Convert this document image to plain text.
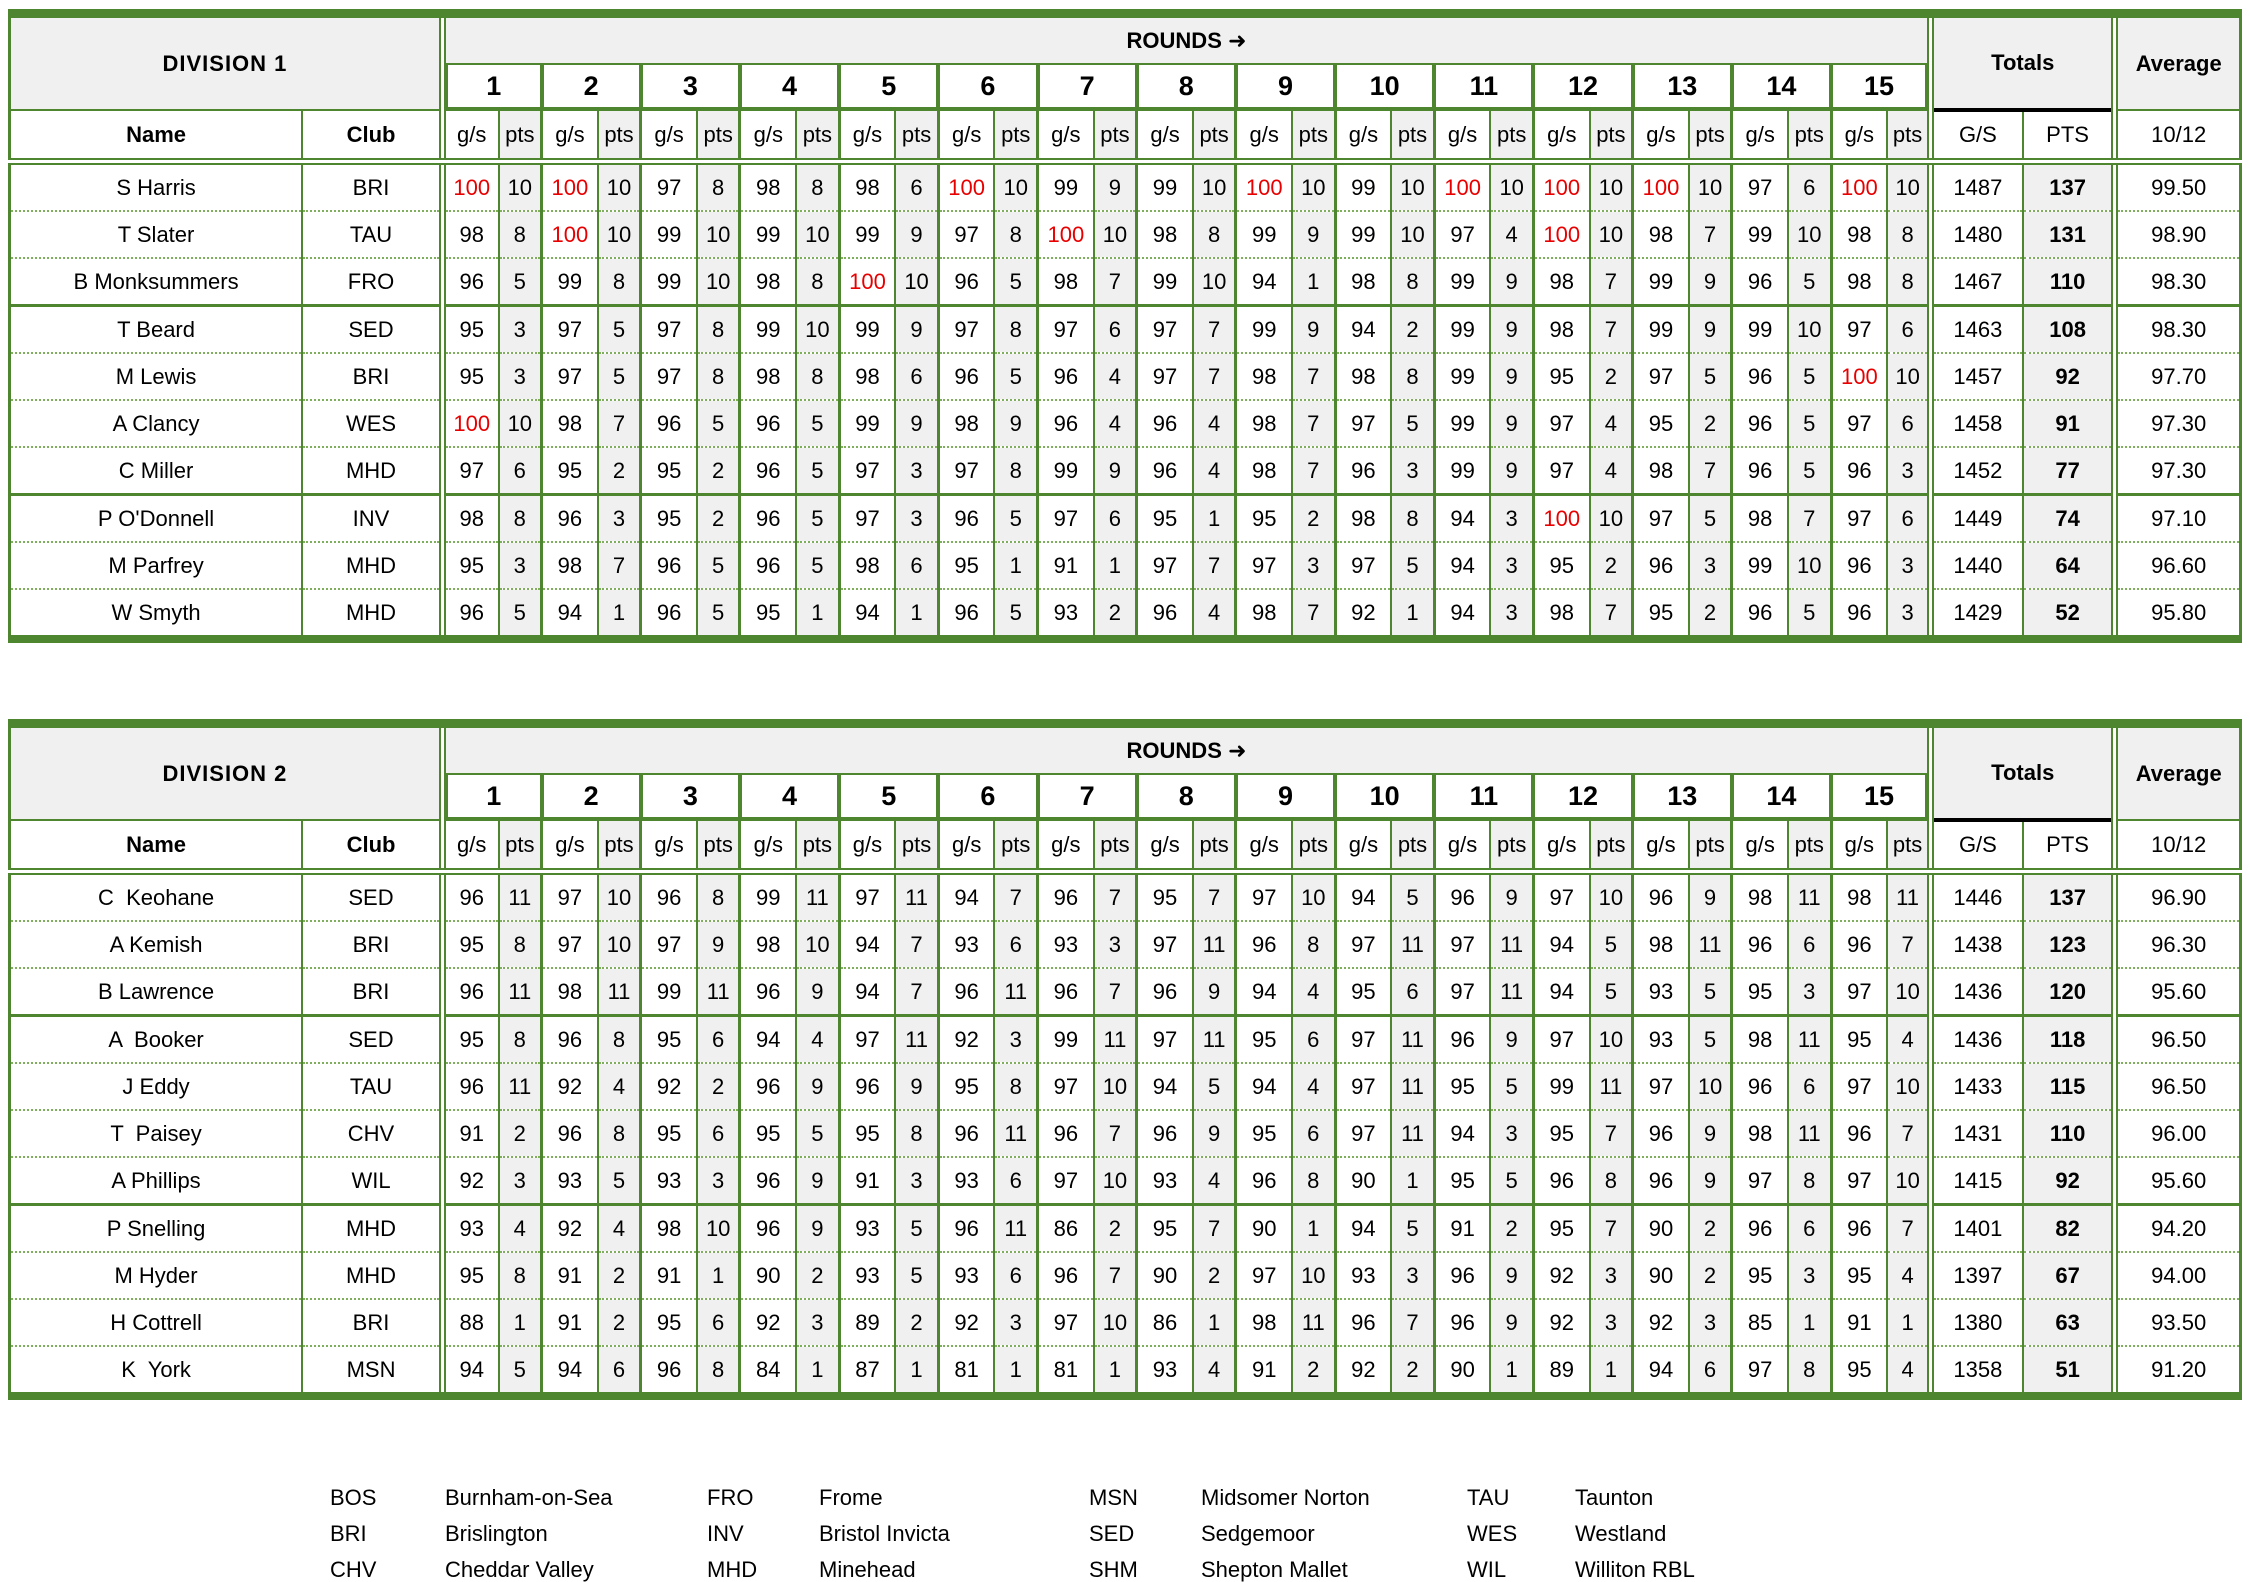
DIVISION 1		ROUNDS ➜																														Totals		Average

		1		2		3		4		5		6		7		8		9		10		11		12		13		14		15				

Name	Club	g/s	pts	g/s	pts	g/s	pts	g/s	pts	g/s	pts	g/s	pts	g/s	pts	g/s	pts	g/s	pts	g/s	pts	g/s	pts	g/s	pts	g/s	pts	g/s	pts	g/s	pts	G/S	PTS	10/12
S Harris	BRI	100	10	100	10	97	8	98	8	98	6	100	10	99	9	99	10	100	10	99	10	100	10	100	10	100	10	97	6	100	10	1487	137	99.50
T Slater	TAU	98	8	100	10	99	10	99	10	99	9	97	8	100	10	98	8	99	9	99	10	97	4	100	10	98	7	99	10	98	8	1480	131	98.90
B Monksummers	FRO	96	5	99	8	99	10	98	8	100	10	96	5	98	7	99	10	94	1	98	8	99	9	98	7	99	9	96	5	98	8	1467	110	98.30
T Beard	SED	95	3	97	5	97	8	99	10	99	9	97	8	97	6	97	7	99	9	94	2	99	9	98	7	99	9	99	10	97	6	1463	108	98.30
M Lewis	BRI	95	3	97	5	97	8	98	8	98	6	96	5	96	4	97	7	98	7	98	8	99	9	95	2	97	5	96	5	100	10	1457	92	97.70
A Clancy	WES	100	10	98	7	96	5	96	5	99	9	98	9	96	4	96	4	98	7	97	5	99	9	97	4	95	2	96	5	97	6	1458	91	97.30
C Miller	MHD	97	6	95	2	95	2	96	5	97	3	97	8	99	9	96	4	98	7	96	3	99	9	97	4	98	7	96	5	96	3	1452	77	97.30
P O'Donnell	INV	98	8	96	3	95	2	96	5	97	3	96	5	97	6	95	1	95	2	98	8	94	3	100	10	97	5	98	7	97	6	1449	74	97.10
M Parfrey	MHD	95	3	98	7	96	5	96	5	98	6	95	1	91	1	97	7	97	3	97	5	94	3	95	2	96	3	99	10	96	3	1440	64	96.60
W Smyth	MHD	96	5	94	1	96	5	95	1	94	1	96	5	93	2	96	4	98	7	92	1	94	3	98	7	95	2	96	5	96	3	1429	52	95.80
DIVISION 2		ROUNDS ➜																														Totals		Average

		1		2		3		4		5		6		7		8		9		10		11		12		13		14		15				

Name	Club	g/s	pts	g/s	pts	g/s	pts	g/s	pts	g/s	pts	g/s	pts	g/s	pts	g/s	pts	g/s	pts	g/s	pts	g/s	pts	g/s	pts	g/s	pts	g/s	pts	g/s	pts	G/S	PTS	10/12
C  Keohane	SED	96	11	97	10	96	8	99	11	97	11	94	7	96	7	95	7	97	10	94	5	96	9	97	10	96	9	98	11	98	11	1446	137	96.90
A Kemish	BRI	95	8	97	10	97	9	98	10	94	7	93	6	93	3	97	11	96	8	97	11	97	11	94	5	98	11	96	6	96	7	1438	123	96.30
B Lawrence	BRI	96	11	98	11	99	11	96	9	94	7	96	11	96	7	96	9	94	4	95	6	97	11	94	5	93	5	95	3	97	10	1436	120	95.60
A  Booker	SED	95	8	96	8	95	6	94	4	97	11	92	3	99	11	97	11	95	6	97	11	96	9	97	10	93	5	98	11	95	4	1436	118	96.50
J Eddy	TAU	96	11	92	4	92	2	96	9	96	9	95	8	97	10	94	5	94	4	97	11	95	5	99	11	97	10	96	6	97	10	1433	115	96.50
T  Paisey	CHV	91	2	96	8	95	6	95	5	95	8	96	11	96	7	96	9	95	6	97	11	94	3	95	7	96	9	98	11	96	7	1431	110	96.00
A Phillips	WIL	92	3	93	5	93	3	96	9	91	3	93	6	97	10	93	4	96	8	90	1	95	5	96	8	96	9	97	8	97	10	1415	92	95.60
P Snelling	MHD	93	4	92	4	98	10	96	9	93	5	96	11	86	2	95	7	90	1	94	5	91	2	95	7	90	2	96	6	96	7	1401	82	94.20
M Hyder	MHD	95	8	91	2	91	1	90	2	93	5	93	6	96	7	90	2	97	10	93	3	96	9	92	3	90	2	95	3	95	4	1397	67	94.00
H Cottrell	BRI	88	1	91	2	95	6	92	3	89	2	92	3	97	10	86	1	98	11	96	7	96	9	92	3	92	3	85	1	91	1	1380	63	93.50
K  York	MSN	94	5	94	6	96	8	84	1	87	1	81	1	81	1	93	4	91	2	92	2	90	1	89	1	94	6	97	8	95	4	1358	51	91.20
BOS	Burnham-on-Sea	FRO	Frome	MSN	Midsomer Norton	TAU	Taunton
BRI	Brislington	INV	Bristol Invicta	SED	Sedgemoor	WES	Westland
CHV	Cheddar Valley	MHD	Minehead	SHM	Shepton Mallet	WIL	Williton RBL
